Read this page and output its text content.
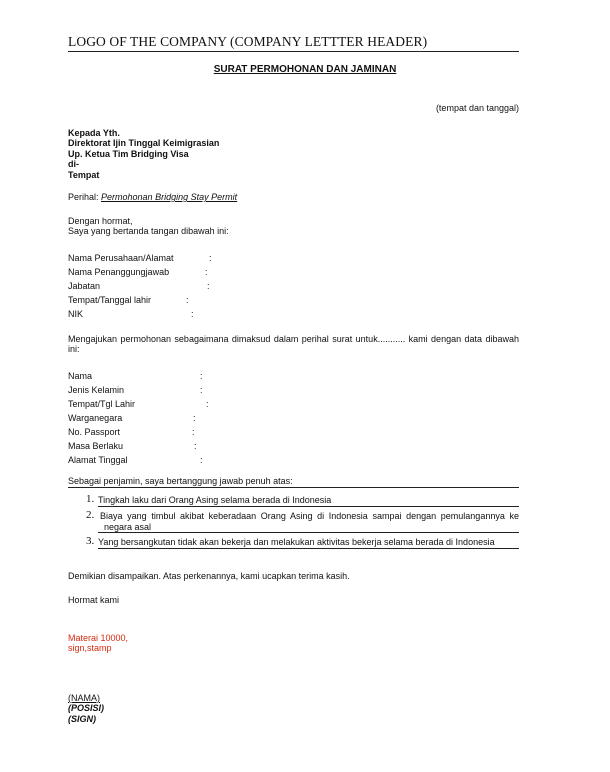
LOGO OF THE COMPANY (COMPANY LETTTER HEADER)
SURAT PERMOHONAN DAN JAMINAN
(tempat dan tanggal)
Kepada Yth.
Direktorat Ijin Tinggal Keimigrasian
Up. Ketua Tim Bridging Visa
di-
Tempat
Perihal: Permohonan Bridging Stay Permit
Dengan hormat,
Saya yang bertanda tangan dibawah ini:
Nama Perusahaan/Alamat	:
Nama Penanggungjawab	:
Jabatan	:
Tempat/Tanggal lahir	:
NIK	:
Mengajukan permohonan sebagaimana dimaksud dalam perihal surat untuk........... kami dengan data dibawah
ini:
Nama	:
Jenis Kelamin	:
Tempat/Tgl Lahir	:
Warganegara	:
No. Passport	:
Masa Berlaku	:
Alamat Tinggal	:
Sebagai penjamin, saya bertanggung jawab penuh atas:
1. Tingkah laku dari Orang Asing selama berada di Indonesia
2. Biaya yang timbul akibat keberadaan Orang Asing di Indonesia sampai dengan pemulangannya ke
negara asal
3. Yang bersangkutan tidak akan bekerja dan melakukan aktivitas bekerja selama berada di Indonesia
Demikian disampaikan. Atas perkenannya, kami ucapkan terima kasih.
Hormat kami
Materai 10000,
sign,stamp
(NAMA)
(POSISI)
(SIGN)
